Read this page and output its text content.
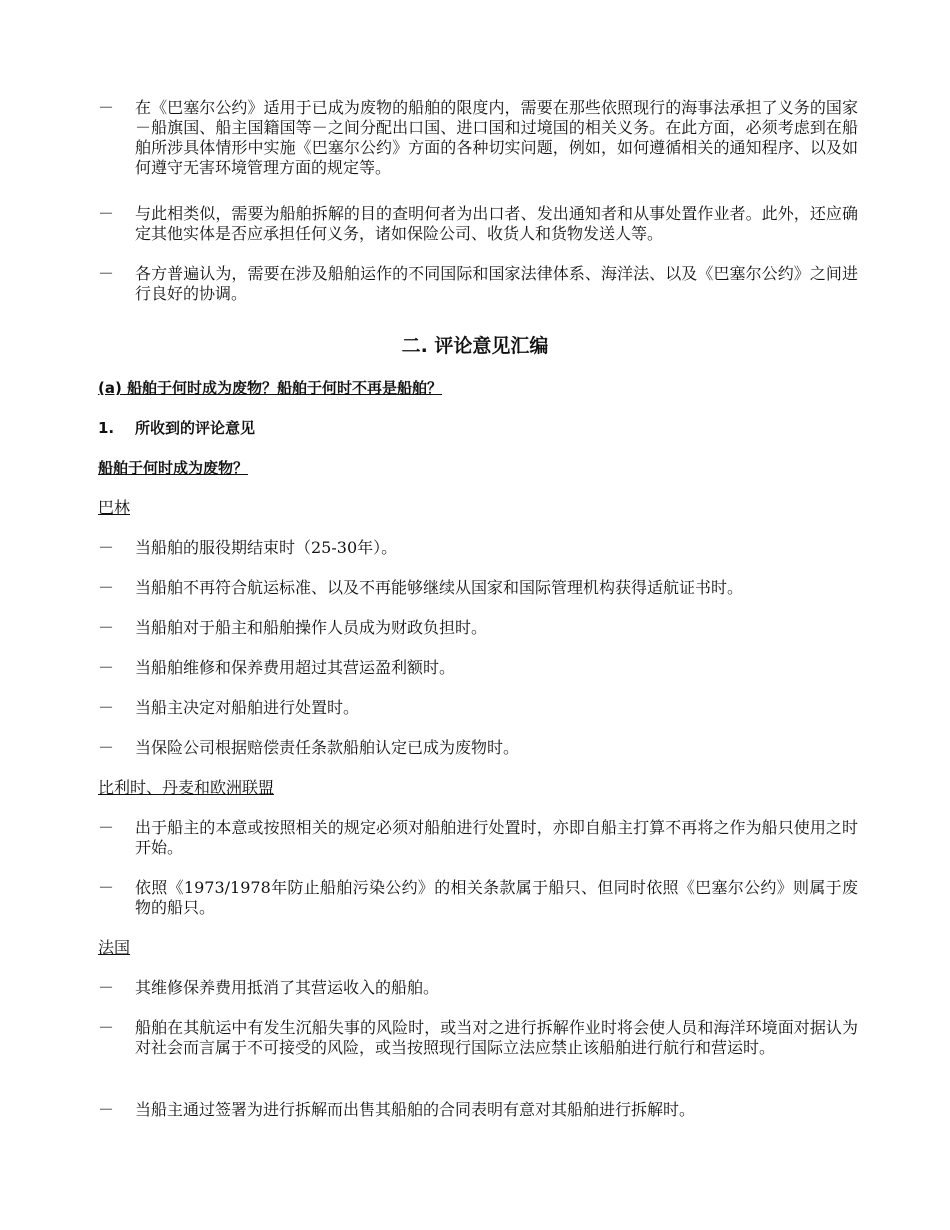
－	在《巴塞尔公约》适用于已成为废物的船舶的限度内，需要在那些依照现行的海事法承担了义务的国家－船旗国、船主国籍国等－之间分配出口国、进口国和过境国的相关义务。在此方面，必须考虑到在船舶所涉具体情形中实施《巴塞尔公约》方面的各种切实问题，例如，如何遵循相关的通知程序、以及如何遵守无害环境管理方面的规定等。
－	与此相类似，需要为船舶拆解的目的查明何者为出口者、发出通知者和从事处置作业者。此外，还应确定其他实体是否应承担任何义务，诸如保险公司、收货人和货物发送人等。
－	各方普遍认为，需要在涉及船舶运作的不同国际和国家法律体系、海洋法、以及《巴塞尔公约》之间进行良好的协调。
二. 评论意见汇编
(a) 船舶于何时成为废物？船舶于何时不再是船舶？
1. 所收到的评论意见
船舶于何时成为废物？
巴林
－	当船舶的服役期结束时（25-30年）。
－	当船舶不再符合航运标准、以及不再能够继续从国家和国际管理机构获得适航证书时。
－	当船舶对于船主和船舶操作人员成为财政负担时。
－	当船舶维修和保养费用超过其营运盈利额时。
－	当船主决定对船舶进行处置时。
－	当保险公司根据赔偿责任条款船舶认定已成为废物时。
比利时、丹麦和欧洲联盟
－	出于船主的本意或按照相关的规定必须对船舶进行处置时，亦即自船主打算不再将之作为船只使用之时开始。
－	依照《1973/1978年防止船舶污染公约》的相关条款属于船只、但同时依照《巴塞尔公约》则属于废物的船只。
法国
－	其维修保养费用抵消了其营运收入的船舶。
－	船舶在其航运中有发生沉船失事的风险时，或当对之进行拆解作业时将会使人员和海洋环境面对据认为对社会而言属于不可接受的风险，或当按照现行国际立法应禁止该船舶进行航行和营运时。
－	当船主通过签署为进行拆解而出售其船舶的合同表明有意对其船舶进行拆解时。
